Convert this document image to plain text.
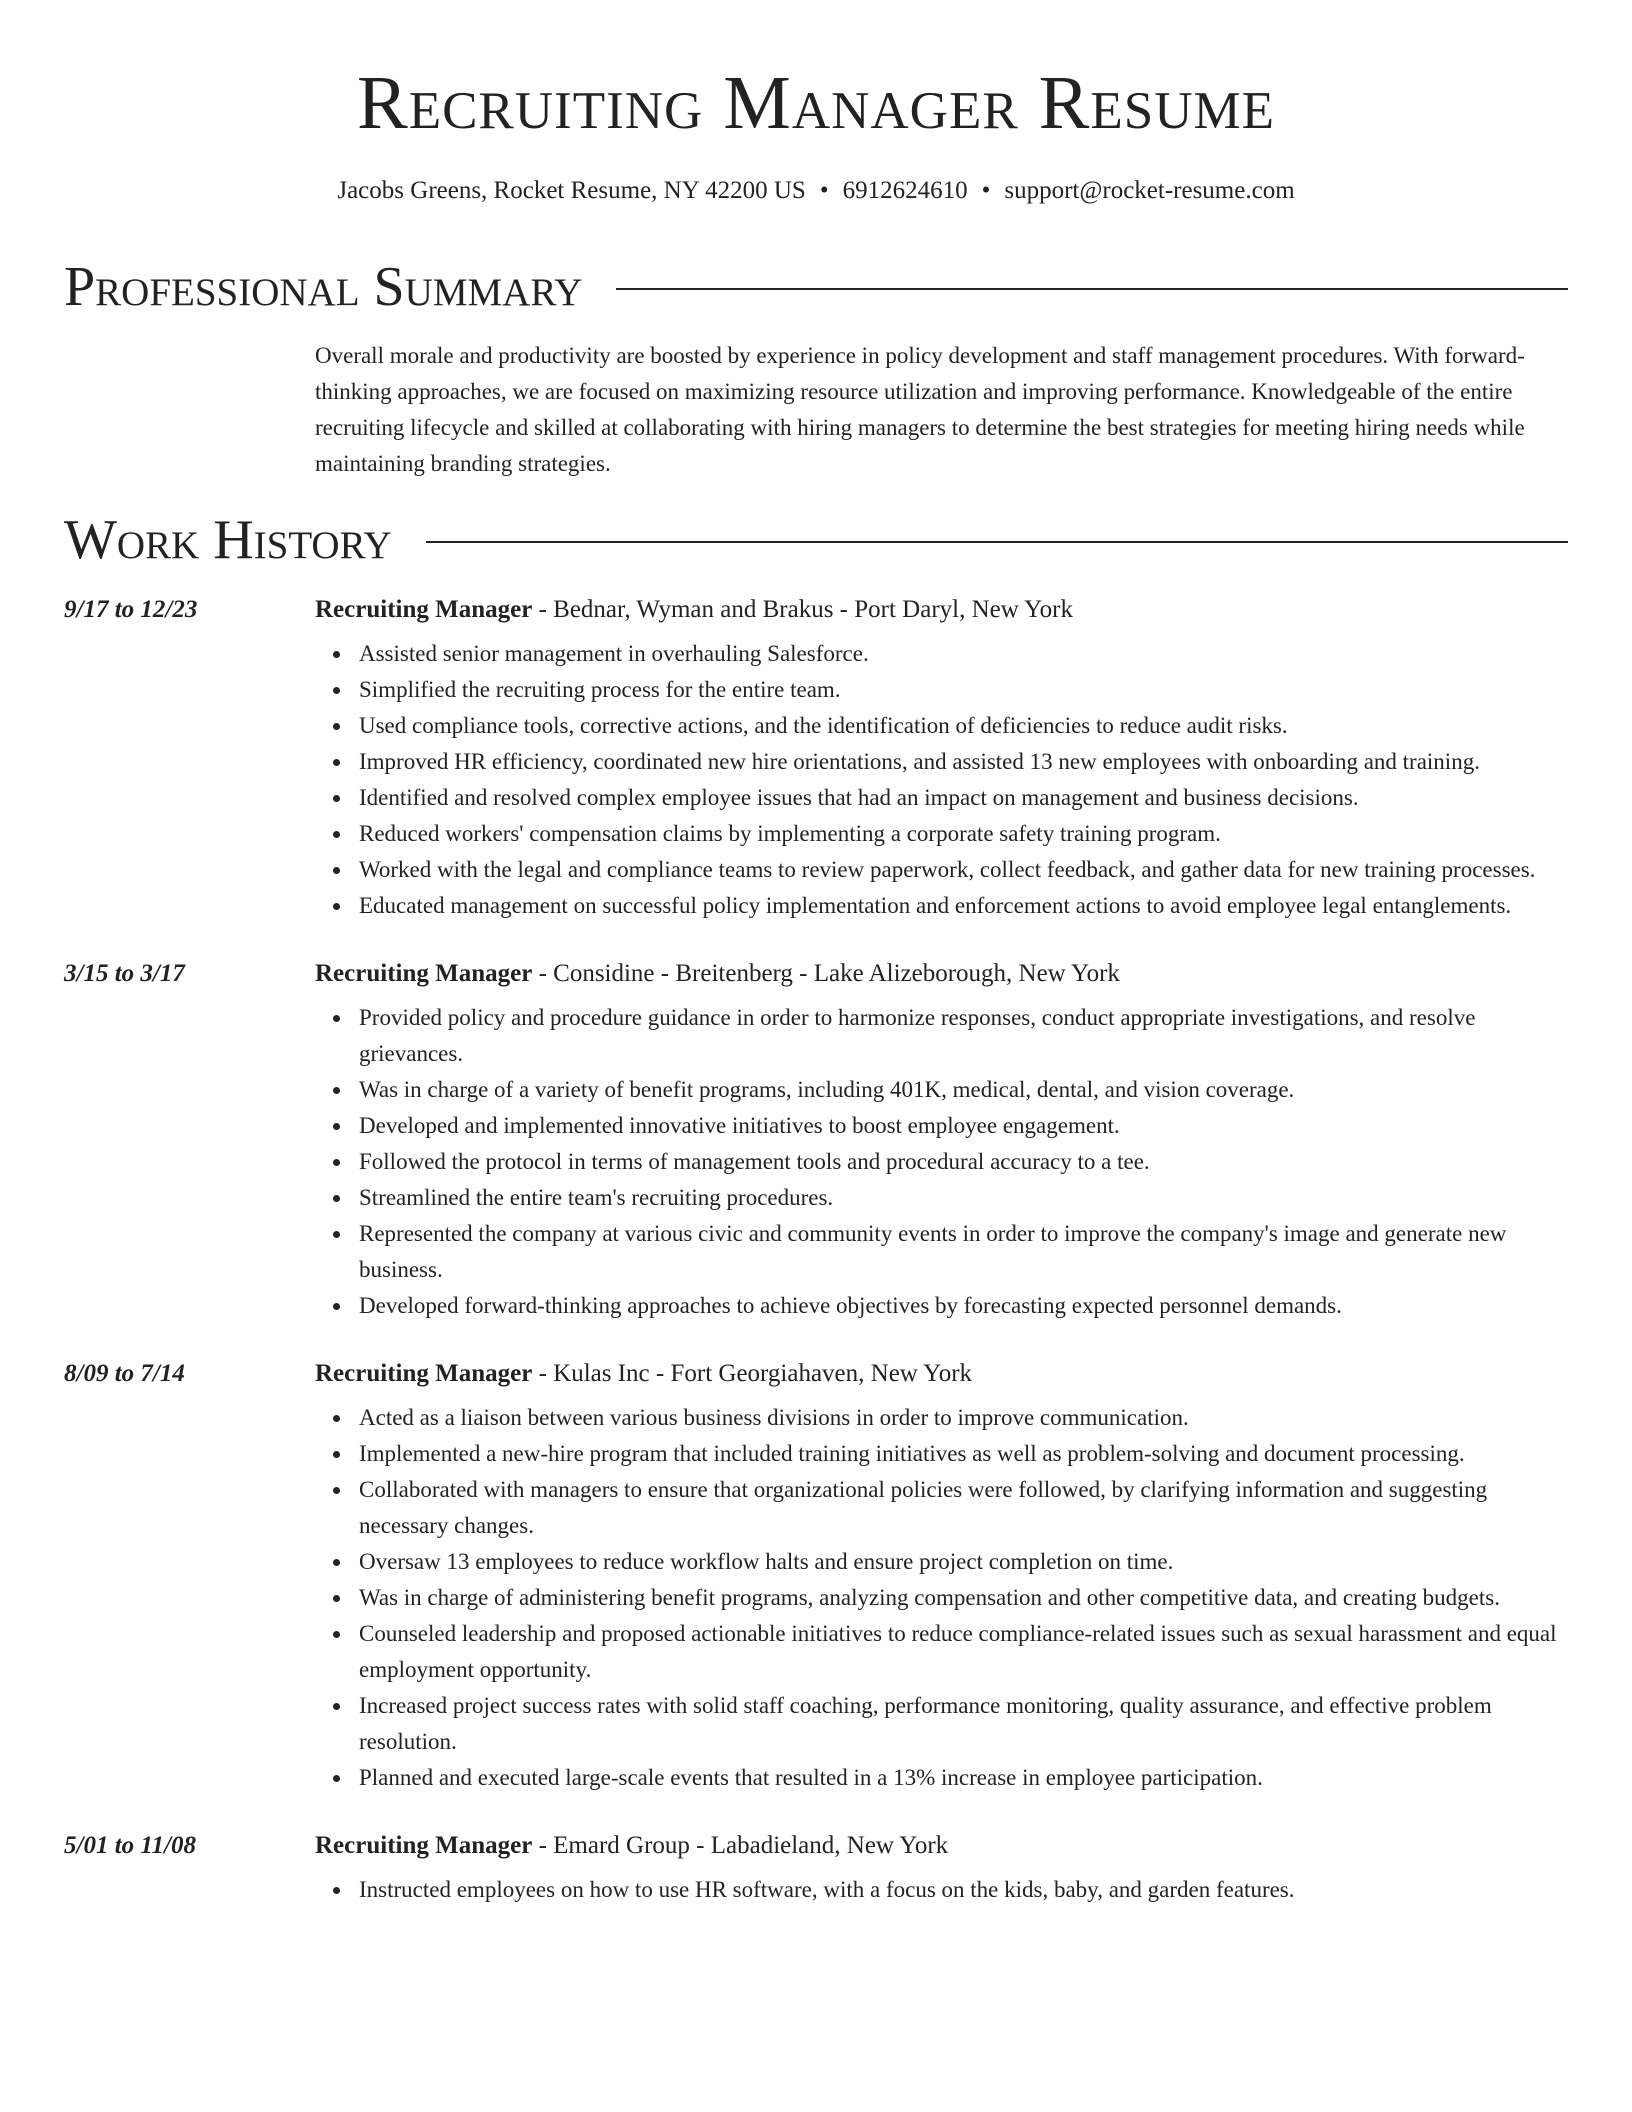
Recruiting Manager Resume
Jacobs Greens, Rocket Resume, NY 42200 US • 6912624610 • support@rocket-resume.com
Professional Summary

Overall morale and productivity are boosted by experience in policy development and staff management procedures. With forward-thinking approaches, we are focused on maximizing resource utilization and improving performance. Knowledgeable of the entire recruiting lifecycle and skilled at collaborating with hiring managers to determine the best strategies for meeting hiring needs while maintaining branding strategies.

Work History
9/17 to 12/23	Recruiting Manager - Bednar, Wyman and Brakus - Port Daryl, New York
Assisted senior management in overhauling Salesforce.
Simplified the recruiting process for the entire team.
Used compliance tools, corrective actions, and the identification of deficiencies to reduce audit risks.
Improved HR efficiency, coordinated new hire orientations, and assisted 13 new employees with onboarding and training.
Identified and resolved complex employee issues that had an impact on management and business decisions.
Reduced workers' compensation claims by implementing a corporate safety training program.
Worked with the legal and compliance teams to review paperwork, collect feedback, and gather data for new training processes.
Educated management on successful policy implementation and enforcement actions to avoid employee legal entanglements.
3/15 to 3/17	Recruiting Manager - Considine - Breitenberg - Lake Alizeborough, New York
Provided policy and procedure guidance in order to harmonize responses, conduct appropriate investigations, and resolve grievances.
Was in charge of a variety of benefit programs, including 401K, medical, dental, and vision coverage.
Developed and implemented innovative initiatives to boost employee engagement.
Followed the protocol in terms of management tools and procedural accuracy to a tee.
Streamlined the entire team's recruiting procedures.
Represented the company at various civic and community events in order to improve the company's image and generate new business.
Developed forward-thinking approaches to achieve objectives by forecasting expected personnel demands.
8/09 to 7/14	Recruiting Manager - Kulas Inc - Fort Georgiahaven, New York
Acted as a liaison between various business divisions in order to improve communication.
Implemented a new-hire program that included training initiatives as well as problem-solving and document processing.
Collaborated with managers to ensure that organizational policies were followed, by clarifying information and suggesting necessary changes.
Oversaw 13 employees to reduce workflow halts and ensure project completion on time.
Was in charge of administering benefit programs, analyzing compensation and other competitive data, and creating budgets.
Counseled leadership and proposed actionable initiatives to reduce compliance-related issues such as sexual harassment and equal employment opportunity.
Increased project success rates with solid staff coaching, performance monitoring, quality assurance, and effective problem resolution.
Planned and executed large-scale events that resulted in a 13% increase in employee participation.
5/01 to 11/08	Recruiting Manager - Emard Group - Labadieland, New York
Instructed employees on how to use HR software, with a focus on the kids, baby, and garden features.
